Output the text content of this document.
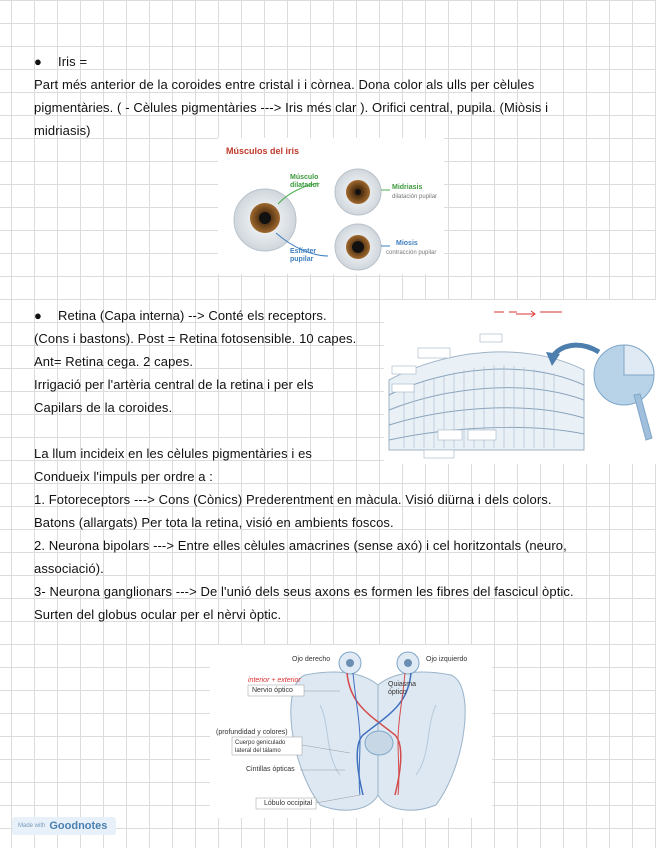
● Iris =
Part més anterior de la coroides entre cristal i i còrnea. Dona color als ulls per cèlules
pigmentàries. ( - Cèlules pigmentàries ---> Iris més clar ). Orifici central, pupila. (Miòsis i
midriasis)
Músculos del iris
Músculo dilatador
Esfínter pupilar
Midriasis
dilatación pupilar
Miosis
contracción pupilar
● Retina (Capa interna) --> Conté els receptors.
(Cons i bastons). Post = Retina fotosensible. 10 capes.
Ant= Retina cega. 2 capes.
Irrigació per l'artèria central de la retina i per els
Capilars de la coroides.
La llum incideix en les cèlules pigmentàries i es
Condueix l'impuls per ordre a :
1. Fotoreceptors ---> Cons (Cònics) Prederentment en màcula. Visió diürna i dels colors.
Batons (allargats) Per tota la retina, visió en ambients foscos.
2. Neurona bipolars ---> Entre elles cèlules amacrines (sense axó) i cel horitzontals (neuro,
associació).
3- Neurona ganglionars ---> De l'unió dels seus axons es formen les fibres del fascicul òptic.
Surten del globus ocular per el nèrvi òptic.
Ojo derecho	Ojo izquierdo
interior + exterior
Nervio óptico
Quiasma óptico
(profundidad y colores)
Cuerpo geniculado lateral del tálamo
Cintillas ópticas
Lóbulo occipital
Made with Goodnotes
